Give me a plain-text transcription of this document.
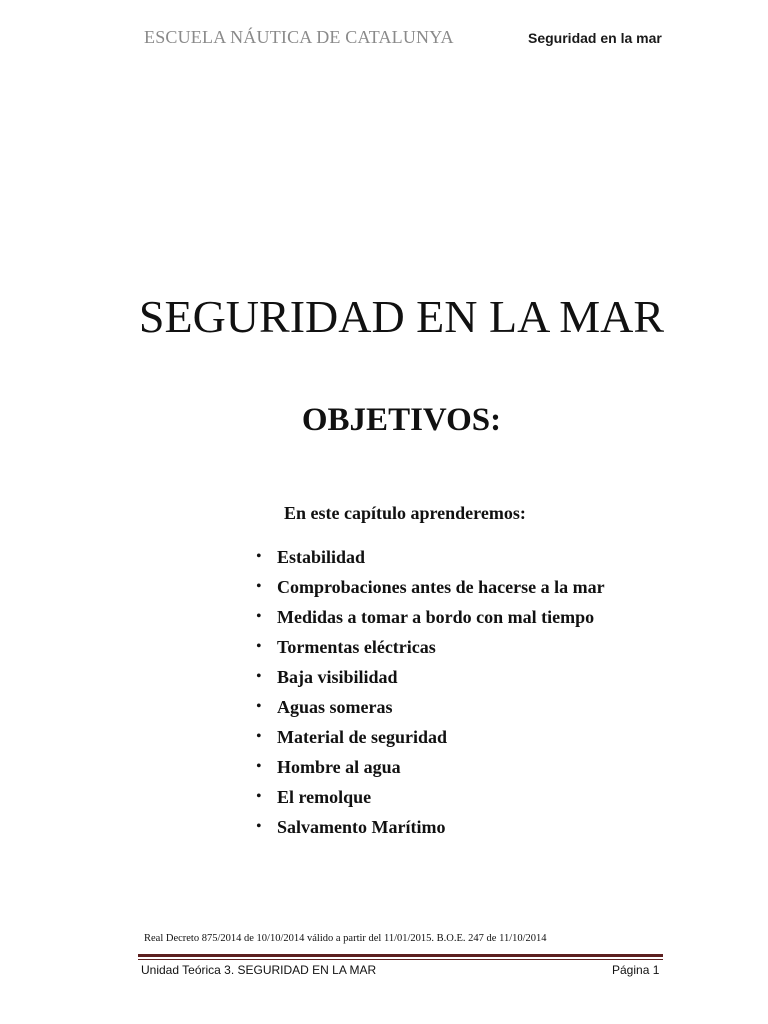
ESCUELA NÁUTICA DE CATALUNYA	Seguridad en la mar
SEGURIDAD EN LA MAR
OBJETIVOS:
En este capítulo aprenderemos:
• Estabilidad
• Comprobaciones antes de hacerse a la mar
• Medidas a tomar a bordo con mal tiempo
• Tormentas eléctricas
• Baja visibilidad
• Aguas someras
• Material de seguridad
• Hombre al agua
• El remolque
• Salvamento Marítimo
Real Decreto 875/2014 de 10/10/2014 válido a partir del 11/01/2015. B.O.E. 247 de 11/10/2014
Unidad Teórica 3. SEGURIDAD EN LA MAR	Página 1
